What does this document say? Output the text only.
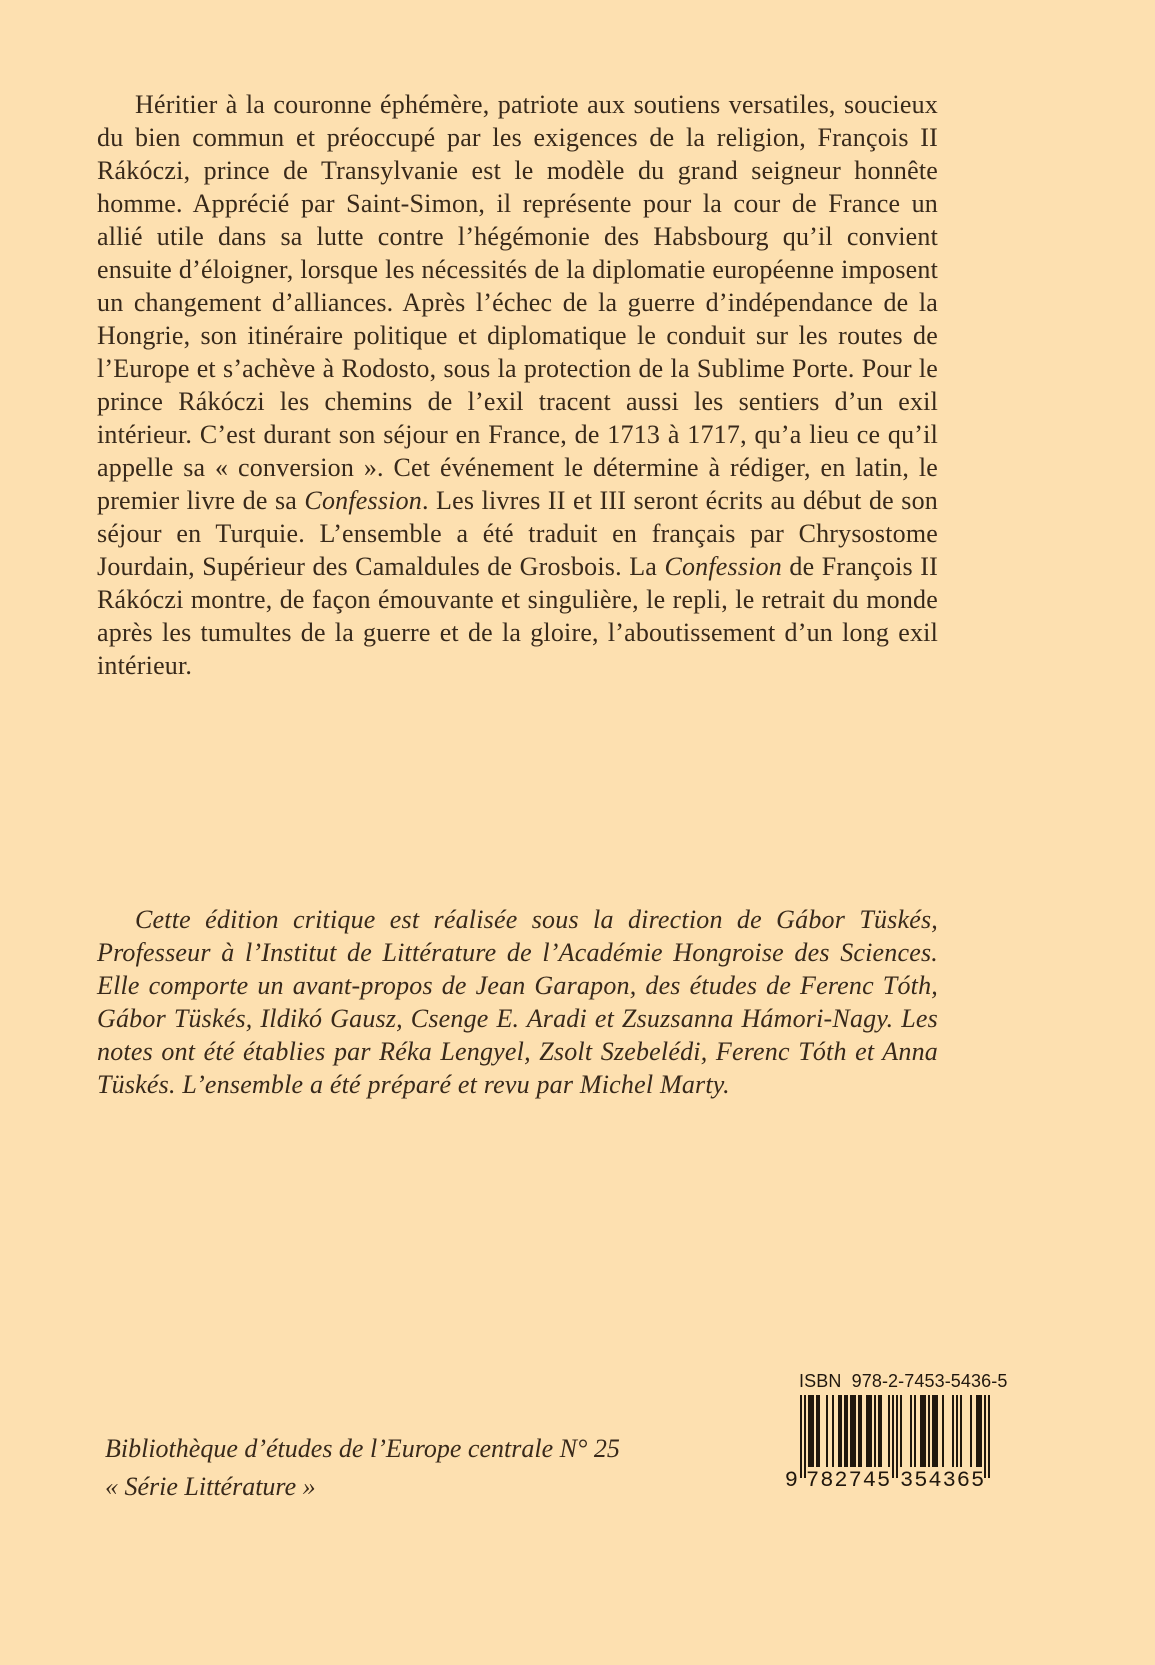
Héritier à la couronne éphémère, patriote aux soutiens versatiles, soucieux du bien commun et préoccupé par les exigences de la religion, François II Rákóczi, prince de Transylvanie est le modèle du grand seigneur honnête homme. Apprécié par Saint-Simon, il représente pour la cour de France un allié utile dans sa lutte contre l’hégémonie des Habsbourg qu’il convient ensuite d’éloigner, lorsque les nécessités de la diplomatie européenne imposent un changement d’alliances. Après l’échec de la guerre d’indépendance de la Hongrie, son itinéraire politique et diplomatique le conduit sur les routes de l’Europe et s’achève à Rodosto, sous la protection de la Sublime Porte. Pour le prince Rákóczi les chemins de l’exil tracent aussi les sentiers d’un exil intérieur. C’est durant son séjour en France, de 1713 à 1717, qu’a lieu ce qu’il appelle sa « conversion ». Cet événement le détermine à rédiger, en latin, le premier livre de sa Confession. Les livres II et III seront écrits au début de son séjour en Turquie. L’ensemble a été traduit en français par Chrysostome Jourdain, Supérieur des Camaldules de Grosbois. La Confession de François II Rákóczi montre, de façon émouvante et singulière, le repli, le retrait du monde après les tumultes de la guerre et de la gloire, l’aboutissement d’un long exil intérieur.

Cette édition critique est réalisée sous la direction de Gábor Tüskés, Professeur à l’Institut de Littérature de l’Académie Hongroise des Sciences. Elle comporte un avant-propos de Jean Garapon, des études de Ferenc Tóth, Gábor Tüskés, Ildikó Gausz, Csenge E. Aradi et Zsuzsanna Hámori-Nagy. Les notes ont été établies par Réka Lengyel, Zsolt Szebelédi, Ferenc Tóth et Anna Tüskés. L’ensemble a été préparé et revu par Michel Marty.

Bibliothèque d’études de l’Europe centrale N° 25
« Série Littérature »
ISBN  978-2-7453-5436-5
9 782745 354365
